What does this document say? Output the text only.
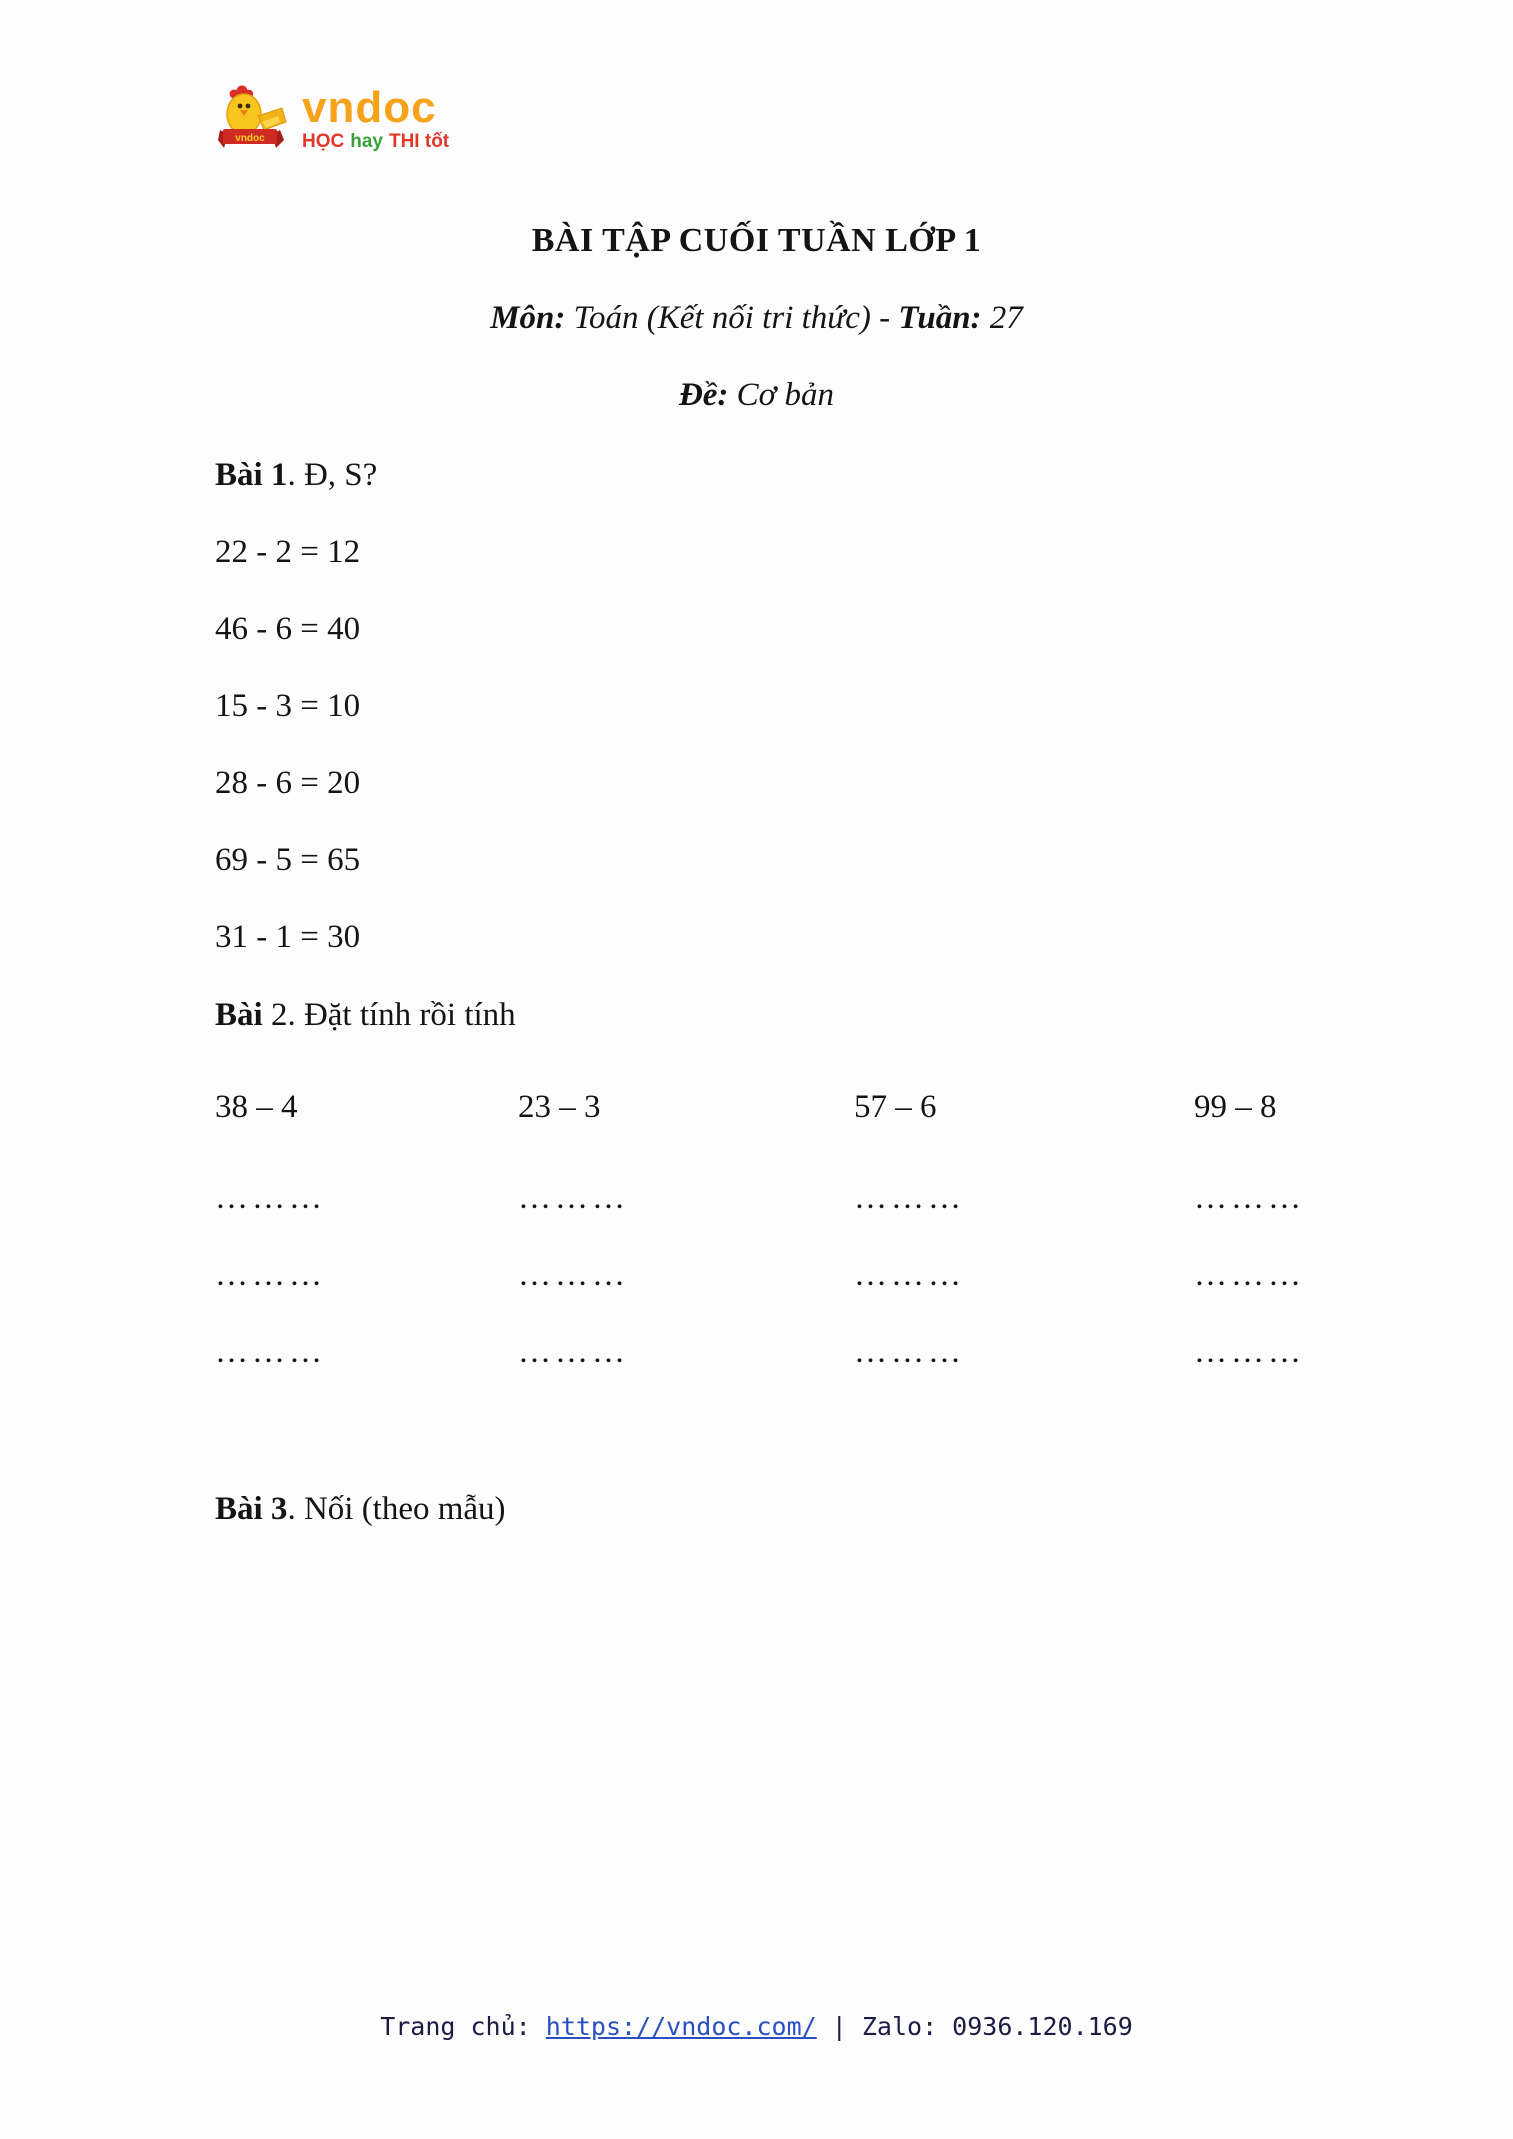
vndoc
vndoc
HỌC hay THI tốt
BÀI TẬP CUỐI TUẦN LỚP 1
Môn: Toán (Kết nối tri thức) - Tuần: 27
Đề: Cơ bản
Bài 1. Đ, S?
22 - 2 = 12
46 - 6 = 40
15 - 3 = 10
28 - 6 = 20
69 - 5 = 65
31 - 1 = 30
Bài 2. Đặt tính rồi tính
38 – 4	23 – 3	57 – 6	99 – 8
………	………	………	………
………	………	………	………
………	………	………	………
Bài 3. Nối (theo mẫu)
Trang chủ: https://vndoc.com/ | Zalo: 0936.120.169
